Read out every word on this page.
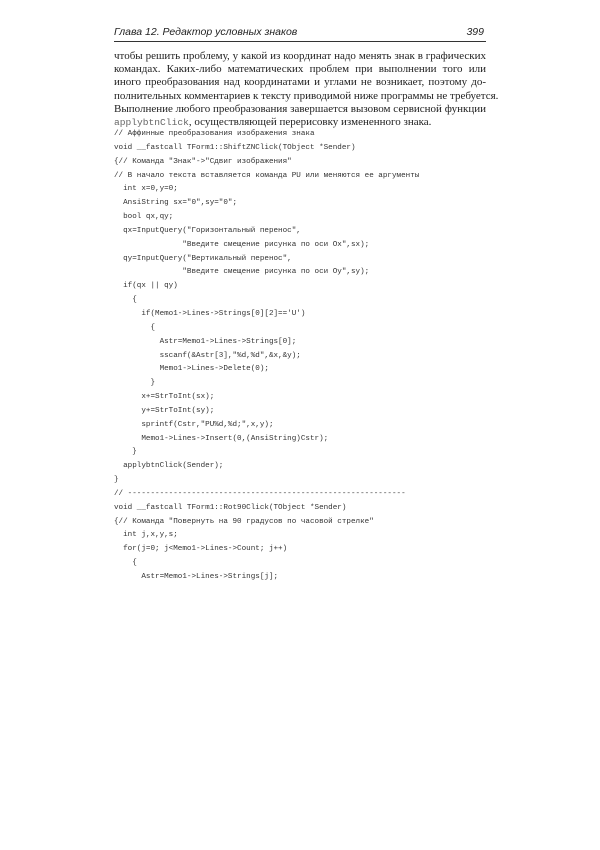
Глава 12. Редактор условных знаков	399
чтобы решить проблему, у какой из координат надо менять знак в графических
командах. Каких-либо математических проблем при выполнении того или
иного преобразования над координатами и углами не возникает, поэтому до-
полнительных комментариев к тексту приводимой ниже программы не требуется.
Выполнение любого преобразования завершается вызовом сервисной функции
applybtnClick, осуществляющей перерисовку измененного знака.
// Аффинные преобразования изображения знака
void __fastcall TForm1::ShiftZNClick(TObject *Sender)
{// Команда "Знак"->"Сдвиг изображения"
// В начало текста вставляется команда PU или меняются ее аргументы
int x=0,y=0;
AnsiString sx="0",sy="0";
bool qx,qy;
qx=InputQuery("Горизонтальный перенос",
"Введите смещение рисунка по оси Ox",sx);
qy=InputQuery("Вертикальный перенос",
"Введите смещение рисунка по оси Oy",sy);
if(qx || qy)
{
if(Memo1->Lines->Strings[0][2]=='U')
{
Astr=Memo1->Lines->Strings[0];
sscanf(&Astr[3],"%d,%d",&x,&y);
Memo1->Lines->Delete(0);
}
x+=StrToInt(sx);
y+=StrToInt(sy);
sprintf(Cstr,"PU%d,%d;",x,y);
Memo1->Lines->Insert(0,(AnsiString)Cstr);
}
applybtnClick(Sender);
}
// -------------------------------------------------------------
void __fastcall TForm1::Rot90Click(TObject *Sender)
{// Команда "Повернуть на 90 градусов по часовой стрелке"
int j,x,y,s;
for(j=0; j<Memo1->Lines->Count; j++)
{
Astr=Memo1->Lines->Strings[j];
